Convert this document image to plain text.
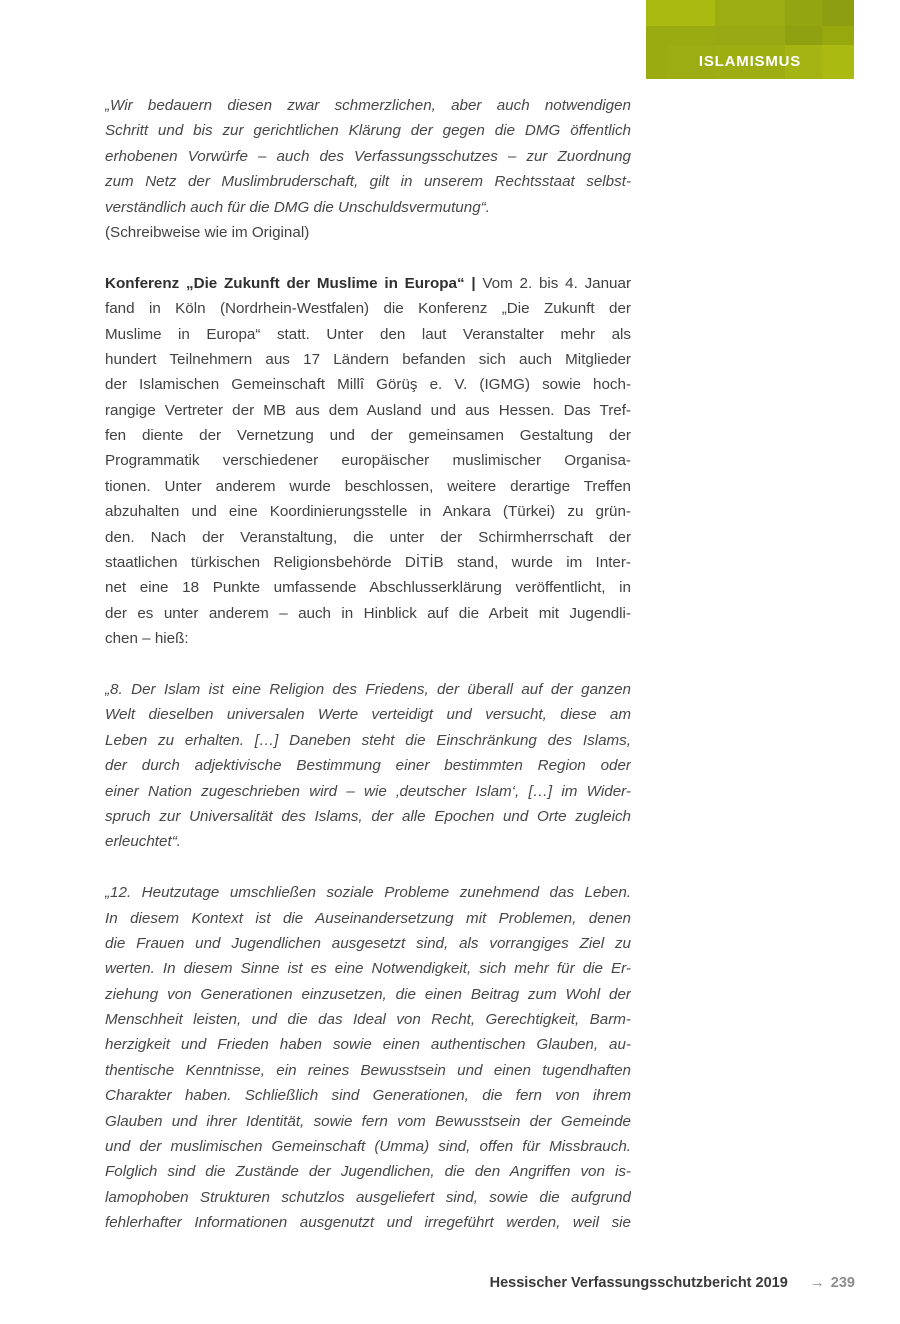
ISLAMISMUS
„Wir bedauern diesen zwar schmerzlichen, aber auch notwendigen
Schritt und bis zur gerichtlichen Klärung der gegen die DMG öffentlich
erhobenen Vorwürfe – auch des Verfassungsschutzes – zur Zuordnung
zum Netz der Muslimbruderschaft, gilt in unserem Rechtsstaat selbst-
verständlich auch für die DMG die Unschuldsvermutung“.
(Schreibweise wie im Original)
Konferenz „Die Zukunft der Muslime in Europa“ | Vom 2. bis 4. Januar
fand in Köln (Nordrhein-Westfalen) die Konferenz „Die Zukunft der
Muslime in Europa“ statt. Unter den laut Veranstalter mehr als
hundert Teilnehmern aus 17 Ländern befanden sich auch Mitglieder
der Islamischen Gemeinschaft Millî Görüş e. V. (IGMG) sowie hoch-
rangige Vertreter der MB aus dem Ausland und aus Hessen. Das Tref-
fen diente der Vernetzung und der gemeinsamen Gestaltung der
Programmatik verschiedener europäischer muslimischer Organisa-
tionen. Unter anderem wurde beschlossen, weitere derartige Treffen
abzuhalten und eine Koordinierungsstelle in Ankara (Türkei) zu grün-
den. Nach der Veranstaltung, die unter der Schirmherrschaft der
staatlichen türkischen Religionsbehörde DİTİB stand, wurde im Inter-
net eine 18 Punkte umfassende Abschlusserklärung veröffentlicht, in
der es unter anderem – auch in Hinblick auf die Arbeit mit Jugendli-
chen – hieß:
„8. Der Islam ist eine Religion des Friedens, der überall auf der ganzen
Welt dieselben universalen Werte verteidigt und versucht, diese am
Leben zu erhalten. […] Daneben steht die Einschränkung des Islams,
der durch adjektivische Bestimmung einer bestimmten Region oder
einer Nation zugeschrieben wird – wie ‚deutscher Islam‘, […] im Wider-
spruch zur Universalität des Islams, der alle Epochen und Orte zugleich
erleuchtet“.
„12. Heutzutage umschließen soziale Probleme zunehmend das Leben.
In diesem Kontext ist die Auseinandersetzung mit Problemen, denen
die Frauen und Jugendlichen ausgesetzt sind, als vorrangiges Ziel zu
werten. In diesem Sinne ist es eine Notwendigkeit, sich mehr für die Er-
ziehung von Generationen einzusetzen, die einen Beitrag zum Wohl der
Menschheit leisten, und die das Ideal von Recht, Gerechtigkeit, Barm-
herzigkeit und Frieden haben sowie einen authentischen Glauben, au-
thentische Kenntnisse, ein reines Bewusstsein und einen tugendhaften
Charakter haben. Schließlich sind Generationen, die fern von ihrem
Glauben und ihrer Identität, sowie fern vom Bewusstsein der Gemeinde
und der muslimischen Gemeinschaft (Umma) sind, offen für Missbrauch.
Folglich sind die Zustände der Jugendlichen, die den Angriffen von is-
lamophoben Strukturen schutzlos ausgeliefert sind, sowie die aufgrund
fehlerhafter Informationen ausgenutzt und irregeführt werden, weil sie
Hessischer Verfassungsschutzbericht 2019 → 239
